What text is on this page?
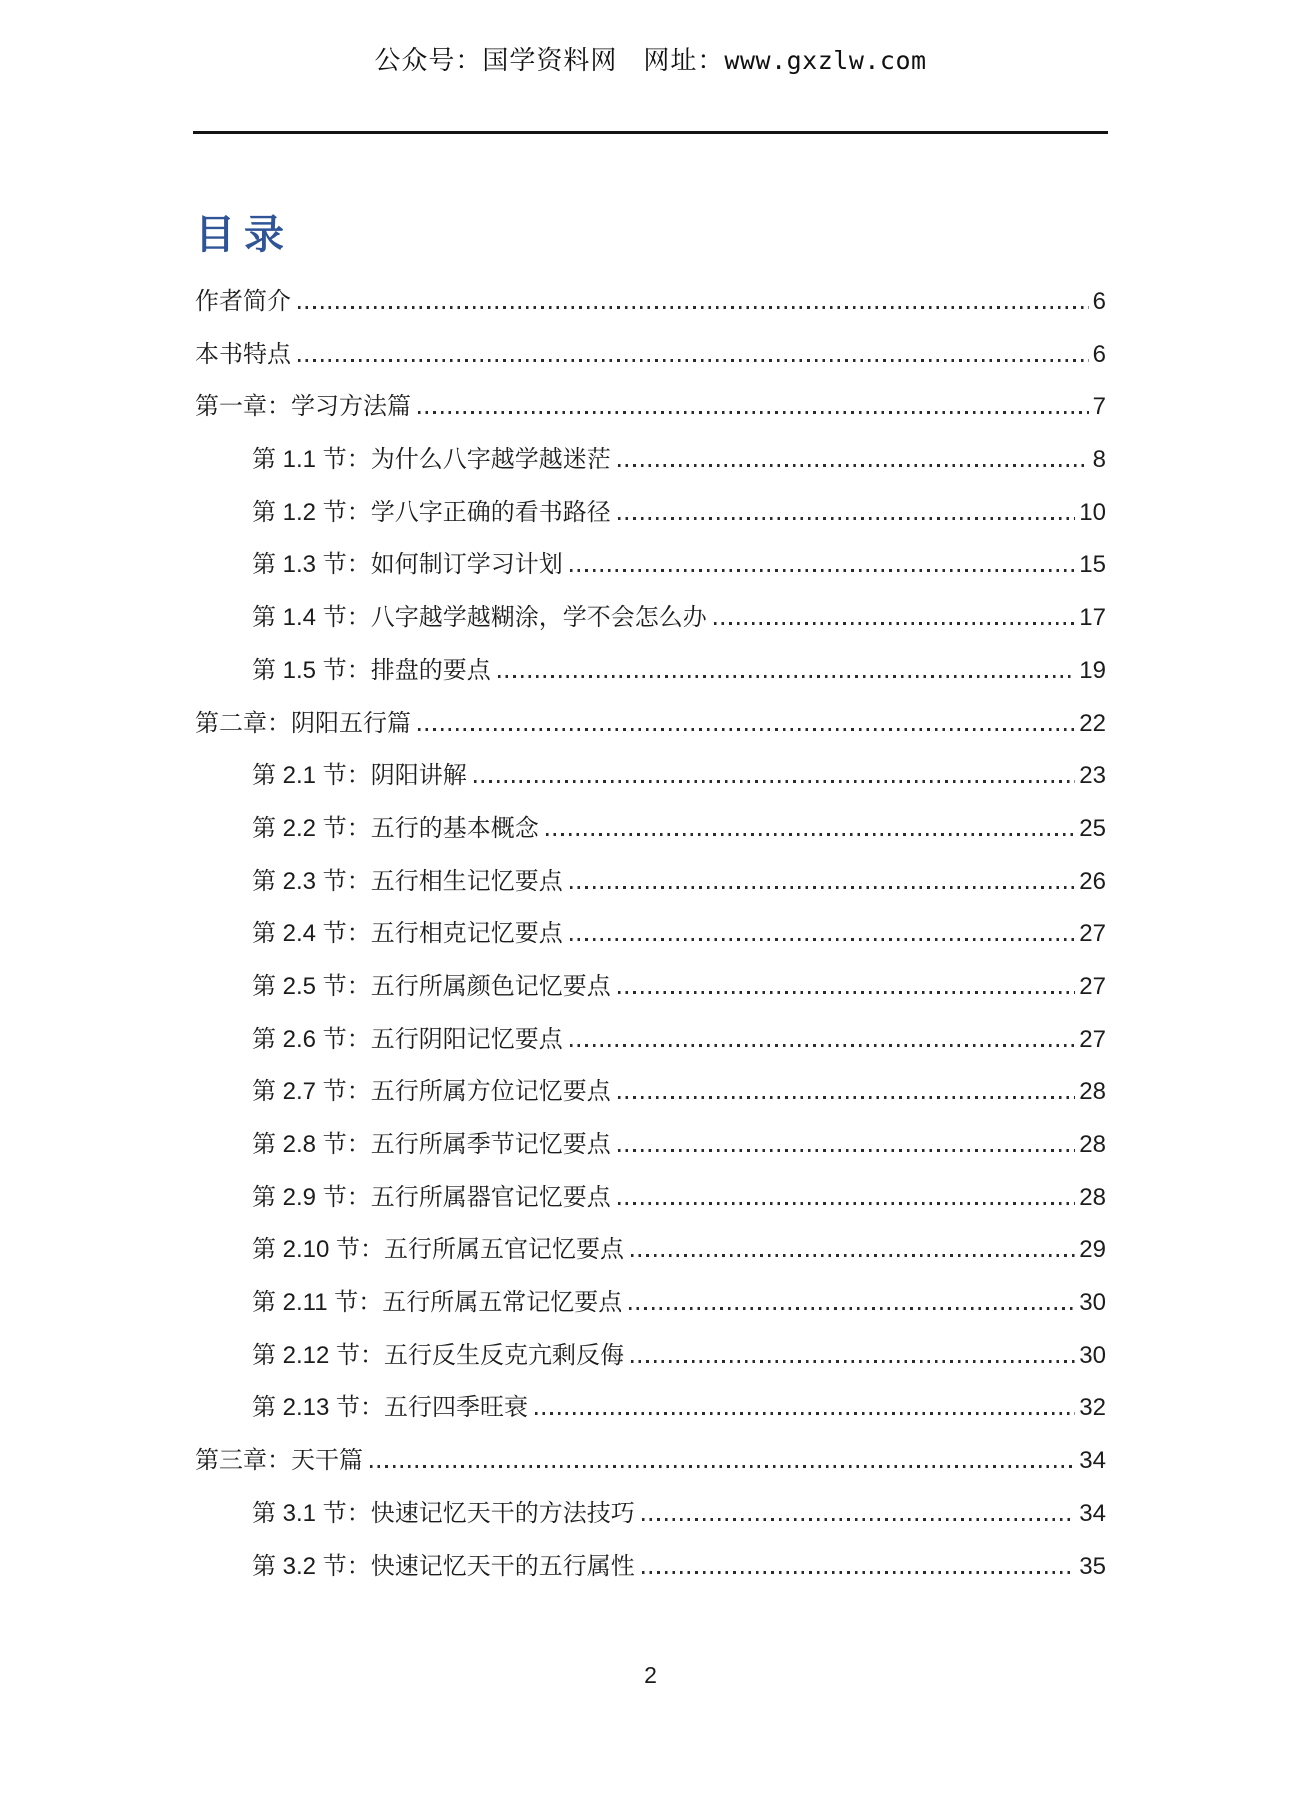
公众号：国学资料网 网址：www.gxzlw.com
目录
作者简介	6
本书特点	6
第一章：学习方法篇	7
第 1.1 节：为什么八字越学越迷茫	8
第 1.2 节：学八字正确的看书路径	10
第 1.3 节：如何制订学习计划	15
第 1.4 节：八字越学越糊涂，学不会怎么办	17
第 1.5 节：排盘的要点	19
第二章：阴阳五行篇	22
第 2.1 节：阴阳讲解	23
第 2.2 节：五行的基本概念	25
第 2.3 节：五行相生记忆要点	26
第 2.4 节：五行相克记忆要点	27
第 2.5 节：五行所属颜色记忆要点	27
第 2.6 节：五行阴阳记忆要点	27
第 2.7 节：五行所属方位记忆要点	28
第 2.8 节：五行所属季节记忆要点	28
第 2.9 节：五行所属器官记忆要点	28
第 2.10 节：五行所属五官记忆要点	29
第 2.11 节：五行所属五常记忆要点	30
第 2.12 节：五行反生反克亢剩反侮	30
第 2.13 节：五行四季旺衰	32
第三章：天干篇	34
第 3.1 节：快速记忆天干的方法技巧	34
第 3.2 节：快速记忆天干的五行属性	35
2
